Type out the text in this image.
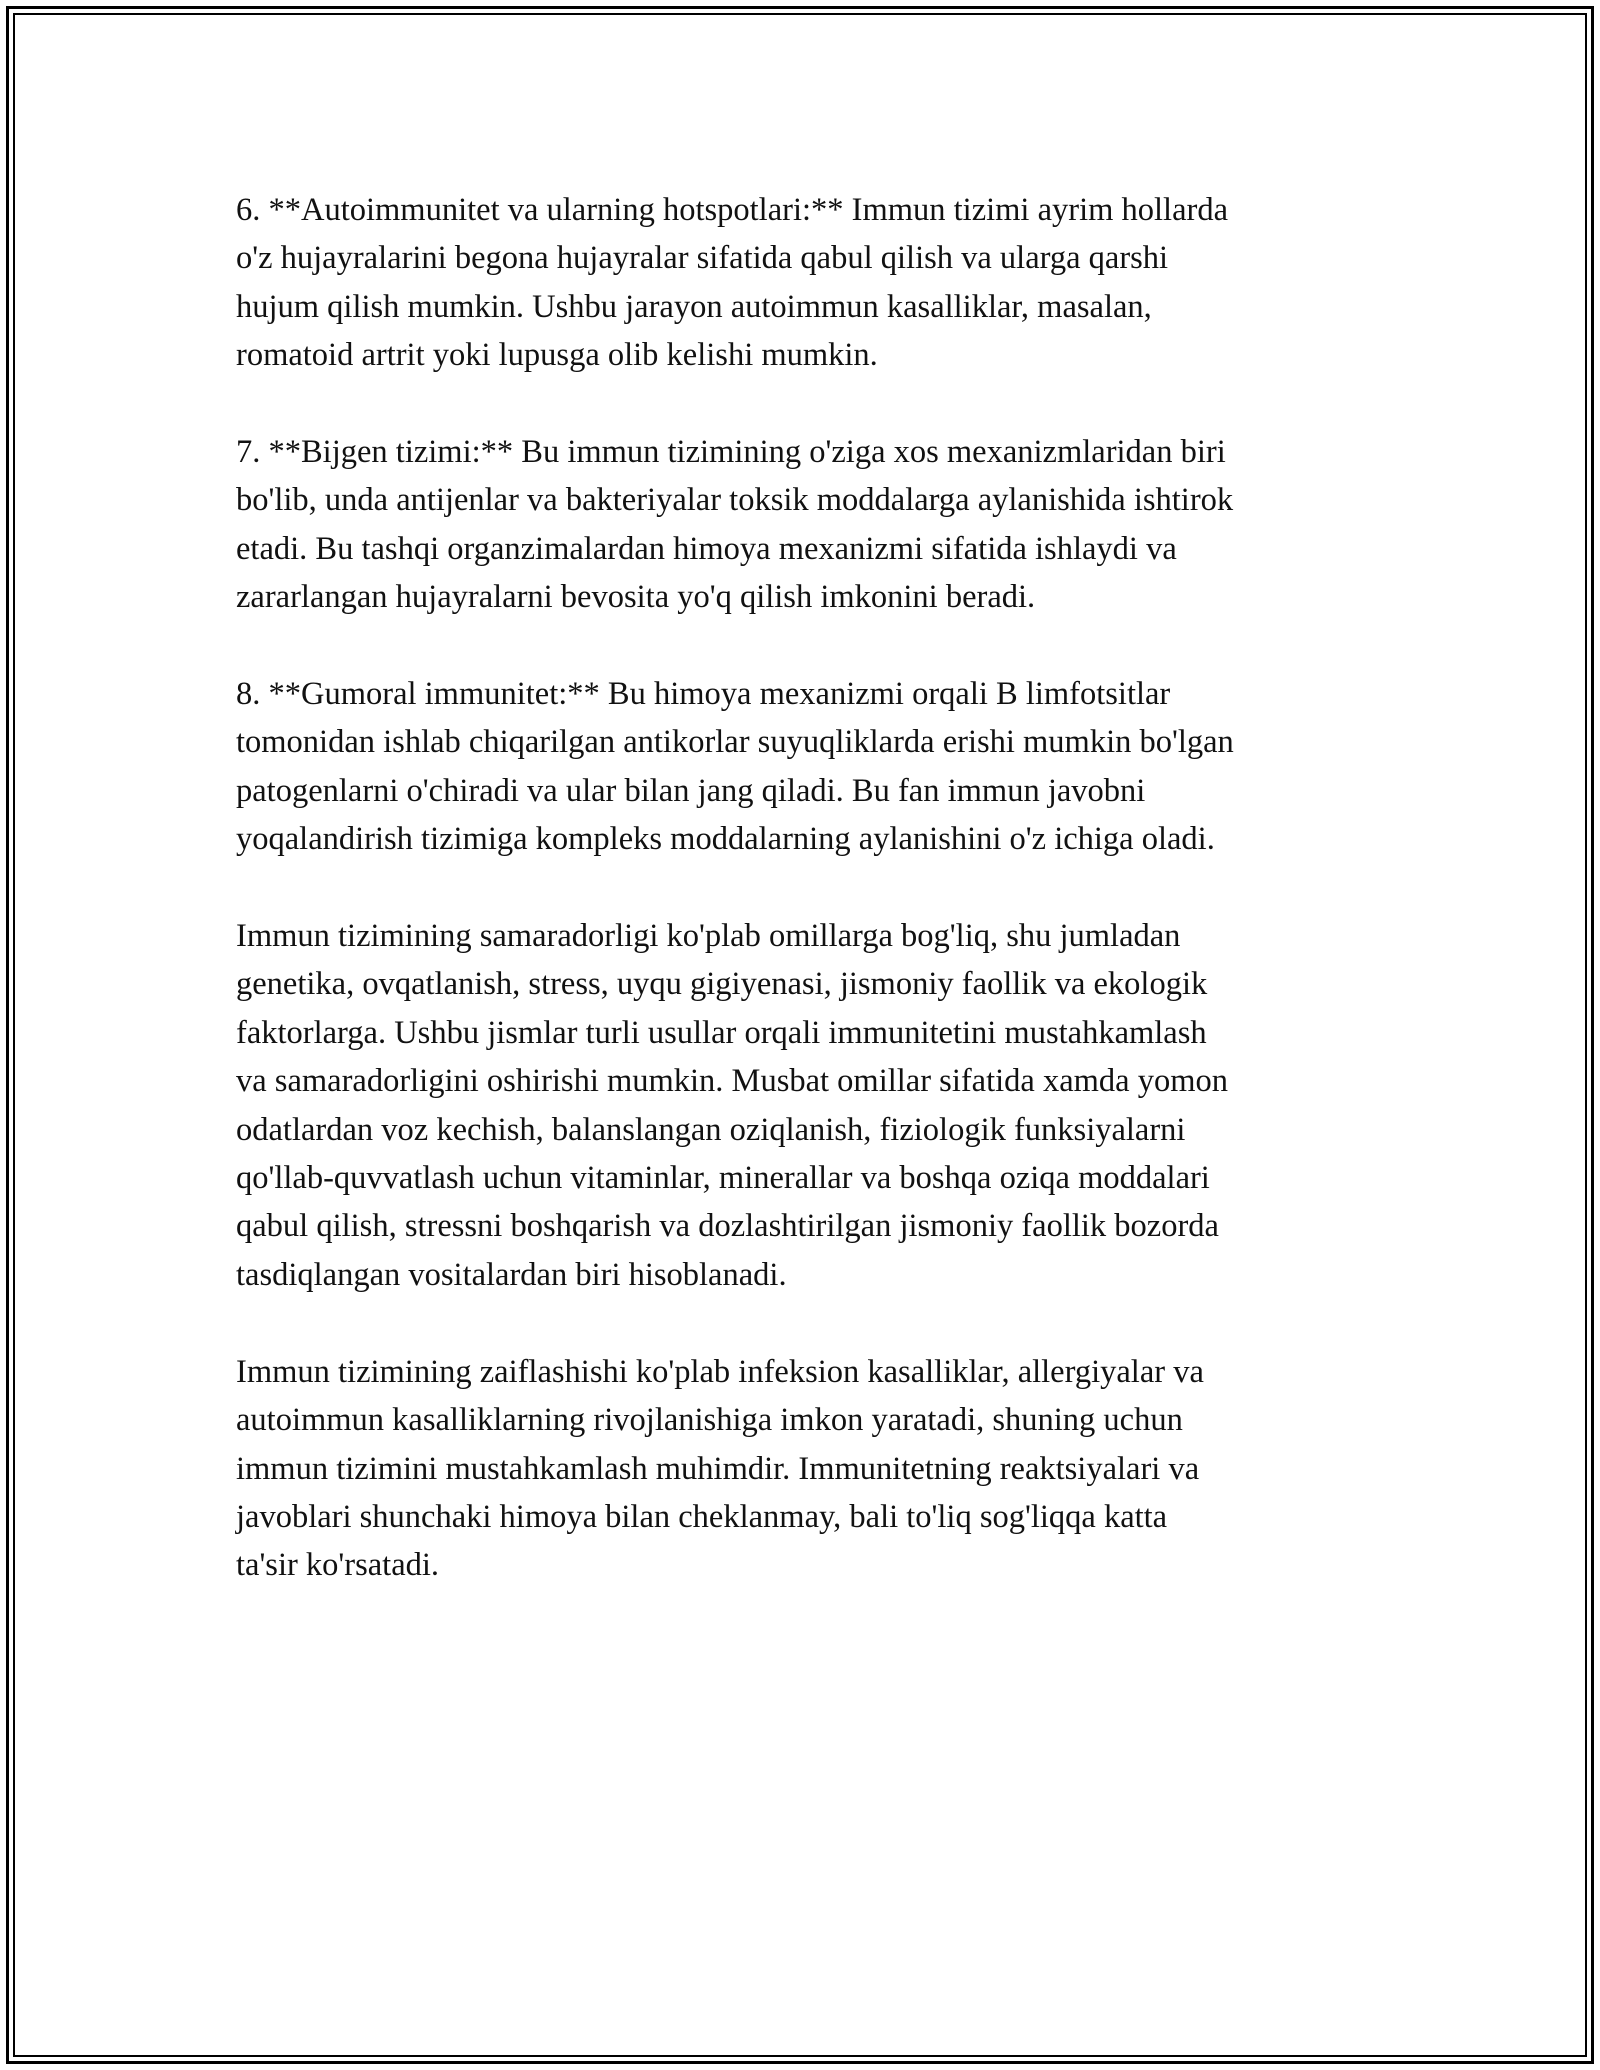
6. **Autoimmunitet va ularning hotspotlari:** Immun tizimi ayrim hollarda
o'z hujayralarini begona hujayralar sifatida qabul qilish va ularga qarshi
hujum qilish mumkin. Ushbu jarayon autoimmun kasalliklar, masalan,
romatoid artrit yoki lupusga olib kelishi mumkin.

7. **Bijgen tizimi:** Bu immun tizimining o'ziga xos mexanizmlaridan biri
bo'lib, unda antijenlar va bakteriyalar toksik moddalarga aylanishida ishtirok
etadi. Bu tashqi organzimalardan himoya mexanizmi sifatida ishlaydi va
zararlangan hujayralarni bevosita yo'q qilish imkonini beradi.

8. **Gumoral immunitet:** Bu himoya mexanizmi orqali B limfotsitlar
tomonidan ishlab chiqarilgan antikorlar suyuqliklarda erishi mumkin bo'lgan
patogenlarni o'chiradi va ular bilan jang qiladi. Bu fan immun javobni
yoqalandirish tizimiga kompleks moddalarning aylanishini o'z ichiga oladi.

Immun tizimining samaradorligi ko'plab omillarga bog'liq, shu jumladan
genetika, ovqatlanish, stress, uyqu gigiyenasi, jismoniy faollik va ekologik
faktorlarga. Ushbu jismlar turli usullar orqali immunitetini mustahkamlash
va samaradorligini oshirishi mumkin. Musbat omillar sifatida xamda yomon
odatlardan voz kechish, balanslangan oziqlanish, fiziologik funksiyalarni
qo'llab-quvvatlash uchun vitaminlar, minerallar va boshqa oziqa moddalari
qabul qilish, stressni boshqarish va dozlashtirilgan jismoniy faollik bozorda
tasdiqlangan vositalardan biri hisoblanadi.

Immun tizimining zaiflashishi ko'plab infeksion kasalliklar, allergiyalar va
autoimmun kasalliklarning rivojlanishiga imkon yaratadi, shuning uchun
immun tizimini mustahkamlash muhimdir. Immunitetning reaktsiyalari va
javoblari shunchaki himoya bilan cheklanmay, bali to'liq sog'liqqa katta
ta'sir ko'rsatadi.
